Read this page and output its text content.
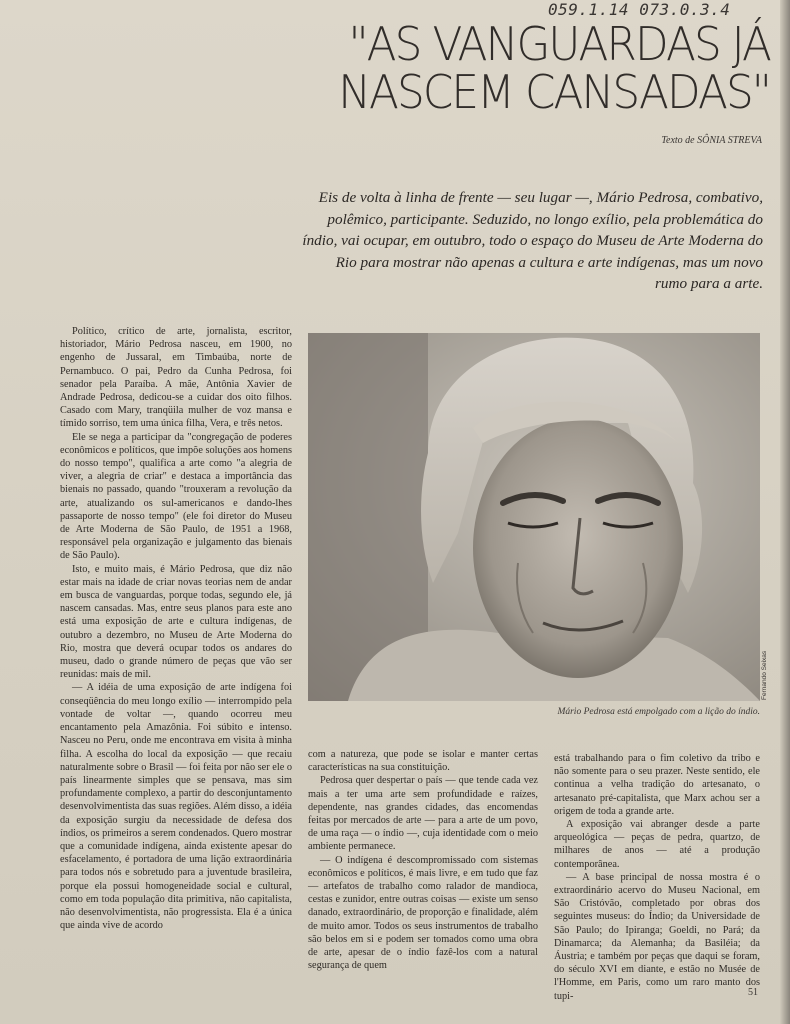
059.1.14 073.0.3.4
"AS VANGUARDAS JÁ
NASCEM CANSADAS"
Texto de SÔNIA STREVA
Eis de volta à linha de frente — seu lugar —, Mário Pedrosa, combativo, polêmico, participante. Seduzido, no longo exílio, pela problemática do índio, vai ocupar, em outubro, todo o espaço do Museu de Arte Moderna do Rio para mostrar não apenas a cultura e arte indígenas, mas um novo rumo para a arte.

Político, crítico de arte, jornalista, escritor, historiador, Mário Pedrosa nasceu, em 1900, no engenho de Jussaral, em Timbaúba, norte de Pernambuco. O pai, Pedro da Cunha Pedrosa, foi senador pela Paraíba. A mãe, Antônia Xavier de Andrade Pedrosa, dedicou-se a cuidar dos oito filhos. Casado com Mary, tranqüila mulher de voz mansa e tímido sorriso, tem uma única filha, Vera, e três netos.

Ele se nega a participar da "congregação de poderes econômicos e políticos, que impõe soluções aos homens do nosso tempo", qualifica a arte como "a alegria de viver, a alegria de criar" e destaca a importância das bienais no passado, quando "trouxeram a revolução da arte, atualizando os sul-americanos e dando-lhes passaporte de nosso tempo" (ele foi diretor do Museu de Arte Moderna de São Paulo, de 1951 a 1968, responsável pela organização e julgamento das bienais de São Paulo).

Isto, e muito mais, é Mário Pedrosa, que diz não estar mais na idade de criar novas teorias nem de andar em busca de vanguardas, porque todas, segundo ele, já nascem cansadas. Mas, entre seus planos para este ano está uma exposição de arte e cultura indígenas, de outubro a dezembro, no Museu de Arte Moderna do Rio, mostra que deverá ocupar todos os andares do museu, dado o grande número de peças que vão ser reunidas: mais de mil.

— A idéia de uma exposição de arte indígena foi conseqüência do meu longo exílio — interrompido pela vontade de voltar —, quando ocorreu meu encantamento pela Amazônia. Foi súbito e intenso. Nasceu no Peru, onde me encontrava em visita à minha filha. A escolha do local da exposição — que recaiu naturalmente sobre o Brasil — foi feita por não ser ele o país linearmente simples que se pensava, mas sim profundamente complexo, a partir do desconjuntamento desenvolvimentista das suas regiões. Além disso, a idéia da exposição surgiu da necessidade de defesa dos índios, os primeiros a serem condenados. Quero mostrar que a comunidade indígena, ainda existente apesar do esfacelamento, é portadora de uma lição extraordinária para todos nós e sobretudo para a juventude brasileira, porque ela possui homogeneidade social e cultural, como em toda população dita primitiva, não capitalista, não desenvolvimentista, não progressista. Ela é a única que ainda vive de acordo

Fernando Seixas
Mário Pedrosa está empolgado com a lição do índio.

com a natureza, que pode se isolar e manter certas características na sua constituição.

Pedrosa quer despertar o país — que tende cada vez mais a ter uma arte sem profundidade e raízes, dependente, nas grandes cidades, das encomendas feitas por mercados de arte — para a arte de um povo, de uma raça — o índio —, cuja identidade com o meio ambiente permanece.

— O indígena é descompromissado com sistemas econômicos e políticos, é mais livre, e em tudo que faz — artefatos de trabalho como ralador de mandioca, cestas e zunidor, entre outras coisas — existe um senso danado, extraordinário, de proporção e finalidade, além de muito amor. Todos os seus instrumentos de trabalho são belos em si e podem ser tomados como uma obra de arte, apesar de o índio fazê-los com a natural segurança de quem

está trabalhando para o fim coletivo da tribo e não somente para o seu prazer. Neste sentido, ele continua a velha tradição do artesanato, o artesanato pré-capitalista, que Marx achou ser a origem de toda a grande arte.

A exposição vai abranger desde a parte arqueológica — peças de pedra, quartzo, de milhares de anos — até a produção contemporânea.

— A base principal de nossa mostra é o extraordinário acervo do Museu Nacional, em São Cristóvão, completado por obras dos seguintes museus: do Índio; da Universidade de São Paulo; do Ipiranga; Goeldi, no Pará; da Dinamarca; da Alemanha; da Basiléia; da Áustria; e também por peças que daqui se foram, do século XVI em diante, e estão no Musée de l'Homme, em Paris, como um raro manto dos tupi-	51
